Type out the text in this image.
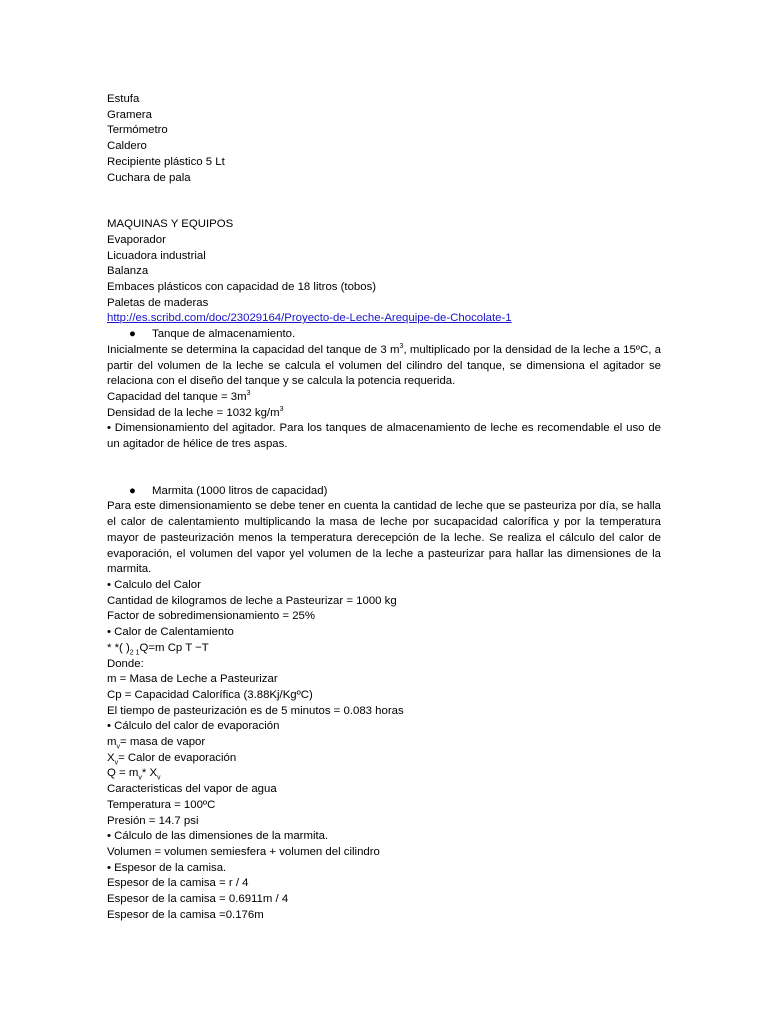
Estufa
Gramera
Termómetro
Caldero
Recipiente plástico 5 Lt
Cuchara de pala
MAQUINAS Y EQUIPOS
Evaporador
Licuadora industrial
Balanza
Embaces plásticos con capacidad de 18 litros (tobos)
Paletas de maderas
http://es.scribd.com/doc/23029164/Proyecto-de-Leche-Arequipe-de-Chocolate-1
● Tanque de almacenamiento.
Inicialmente se determina la capacidad del tanque de 3 $m^3$, multiplicado por la densidad de la leche a 15ºC, a partir del volumen de la leche se calcula el volumen del cilindro del tanque, se dimensiona el agitador se relaciona con el diseño del tanque y se calcula la potencia requerida.
Capacidad del tanque = $3m^3$
Densidad de la leche = 1032 $kg/m^3$
• Dimensionamiento del agitador. Para los tanques de almacenamiento de leche es recomendable el uso de un agitador de hélice de tres aspas.
● Marmita (1000 litros de capacidad)
Para este dimensionamiento se debe tener en cuenta la cantidad de leche que se pasteuriza por día, se halla el calor de calentamiento multiplicando la masa de leche por sucapacidad calorífica y por la temperatura mayor de pasteurización menos la temperatura derecepción de la leche. Se realiza el cálculo del calor de evaporación, el volumen del vapor yel volumen de la leche a pasteurizar para hallar las dimensiones de la marmita.
• Calculo del Calor
Cantidad de kilogramos de leche a Pasteurizar = 1000 kg
Factor de sobredimensionamiento = 25%
• Calor de Calentamiento
* *( )$_{2 1}Q=m$ Cp T −T
Donde:
m = Masa de Leche a Pasteurizar
Cp = Capacidad Calorífica (3.88Kj/KgºC)
El tiempo de pasteurización es de 5 minutos = 0.083 horas
• Cálculo del calor de evaporación
$m_v=$ masa de vapor
$X_v=$ Calor de evaporación
$Q = m_v*$ $X_v$
Caracteristicas del vapor de agua
Temperatura = 100ºC
Presión = 14.7 psi
• Cálculo de las dimensiones de la marmita.
Volumen = volumen semiesfera + volumen del cilindro
• Espesor de la camisa.
Espesor de la camisa = r / 4
Espesor de la camisa = 0.6911m / 4
Espesor de la camisa =0.176m
